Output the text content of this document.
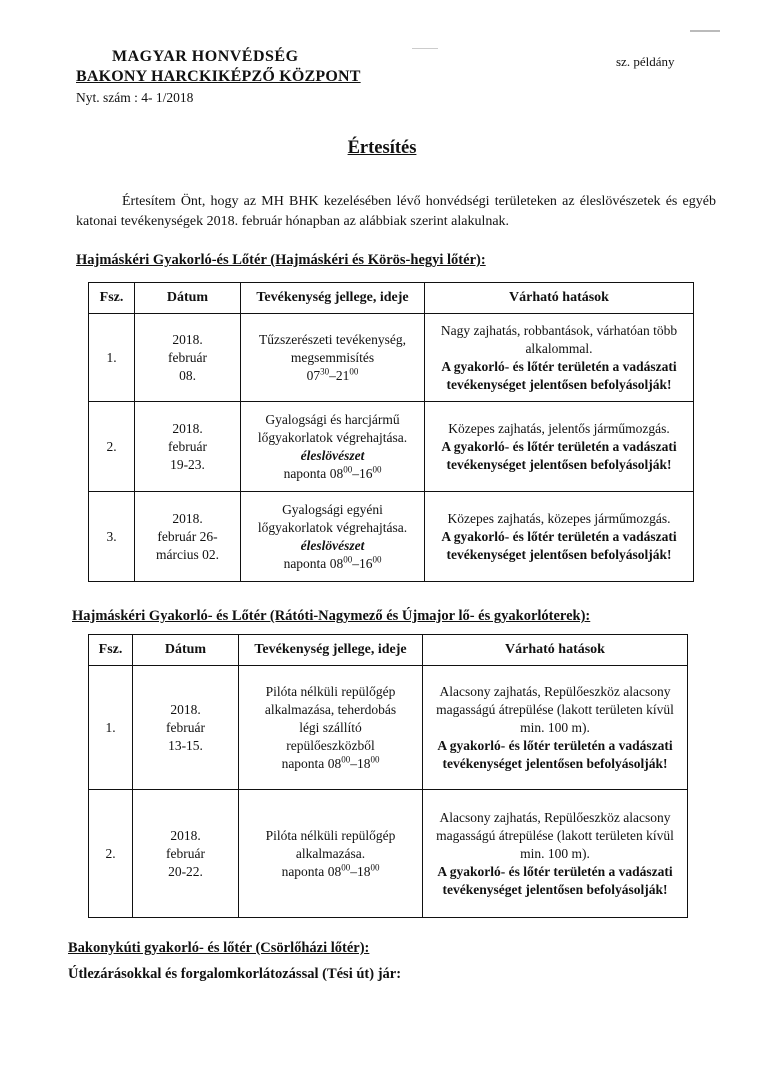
MAGYAR HONVÉDSÉG
BAKONY HARCKIKÉPZŐ KÖZPONT
Nyt. szám : 4- 1/2018
sz. példány
Értesítés

Értesítem Önt, hogy az MH BHK kezelésében lévő honvédségi területeken az éleslövészetek és egyéb katonai tevékenységek 2018. február hónapban az alábbiak szerint alakulnak.

Hajmáskéri Gyakorló-és Lőtér (Hajmáskéri és Körös-hegyi lőtér):
Fsz.	Dátum	Tevékenység jellege, ideje	Várható hatások
1.	2018.
február
08.	Tűzszerészeti tevékenység,
megsemmisítés
$07^{30}-21^{00}$	Nagy zajhatás, robbantások, várhatóan több alkalommal.
A gyakorló- és lőtér területén a vadászati tevékenységet jelentősen befolyásolják!

2.	2018.
február
19-23.	Gyalogsági és harcjármű
lőgyakorlatok végrehajtása.
éleslövészet
naponta $08^{00}-16^{00}$	Közepes zajhatás, jelentős járműmozgás.
A gyakorló- és lőtér területén a vadászati tevékenységet jelentősen befolyásolják!

3.	2018.
február 26-
március 02.	Gyalogsági egyéni
lőgyakorlatok végrehajtása.
éleslövészet
naponta $08^{00}-16^{00}$	Közepes zajhatás, közepes járműmozgás.
A gyakorló- és lőtér területén a vadászati tevékenységet jelentősen befolyásolják!
Hajmáskéri Gyakorló- és Lőtér (Rátóti-Nagymező és Újmajor lő- és gyakorlóterek):
Fsz.	Dátum	Tevékenység jellege, ideje	Várható hatások
1.	2018.
február
13-15.	Pilóta nélküli repülőgép
alkalmazása, teherdobás
légi szállító
repülőeszközből
naponta $08^{00}-18^{00}$	Alacsony zajhatás, Repülőeszköz alacsony magasságú átrepülése (lakott területen kívül min. 100 m).
A gyakorló- és lőtér területén a vadászati tevékenységet jelentősen befolyásolják!

2.	2018.
február
20-22.	Pilóta nélküli repülőgép
alkalmazása.
naponta $08^{00}-18^{00}$	Alacsony zajhatás, Repülőeszköz alacsony magasságú átrepülése (lakott területen kívül min. 100 m).
A gyakorló- és lőtér területén a vadászati tevékenységet jelentősen befolyásolják!
Bakonykúti gyakorló- és lőtér (Csörlőházi lőtér):
Útlezárásokkal és forgalomkorlátozással (Tési út) jár:
